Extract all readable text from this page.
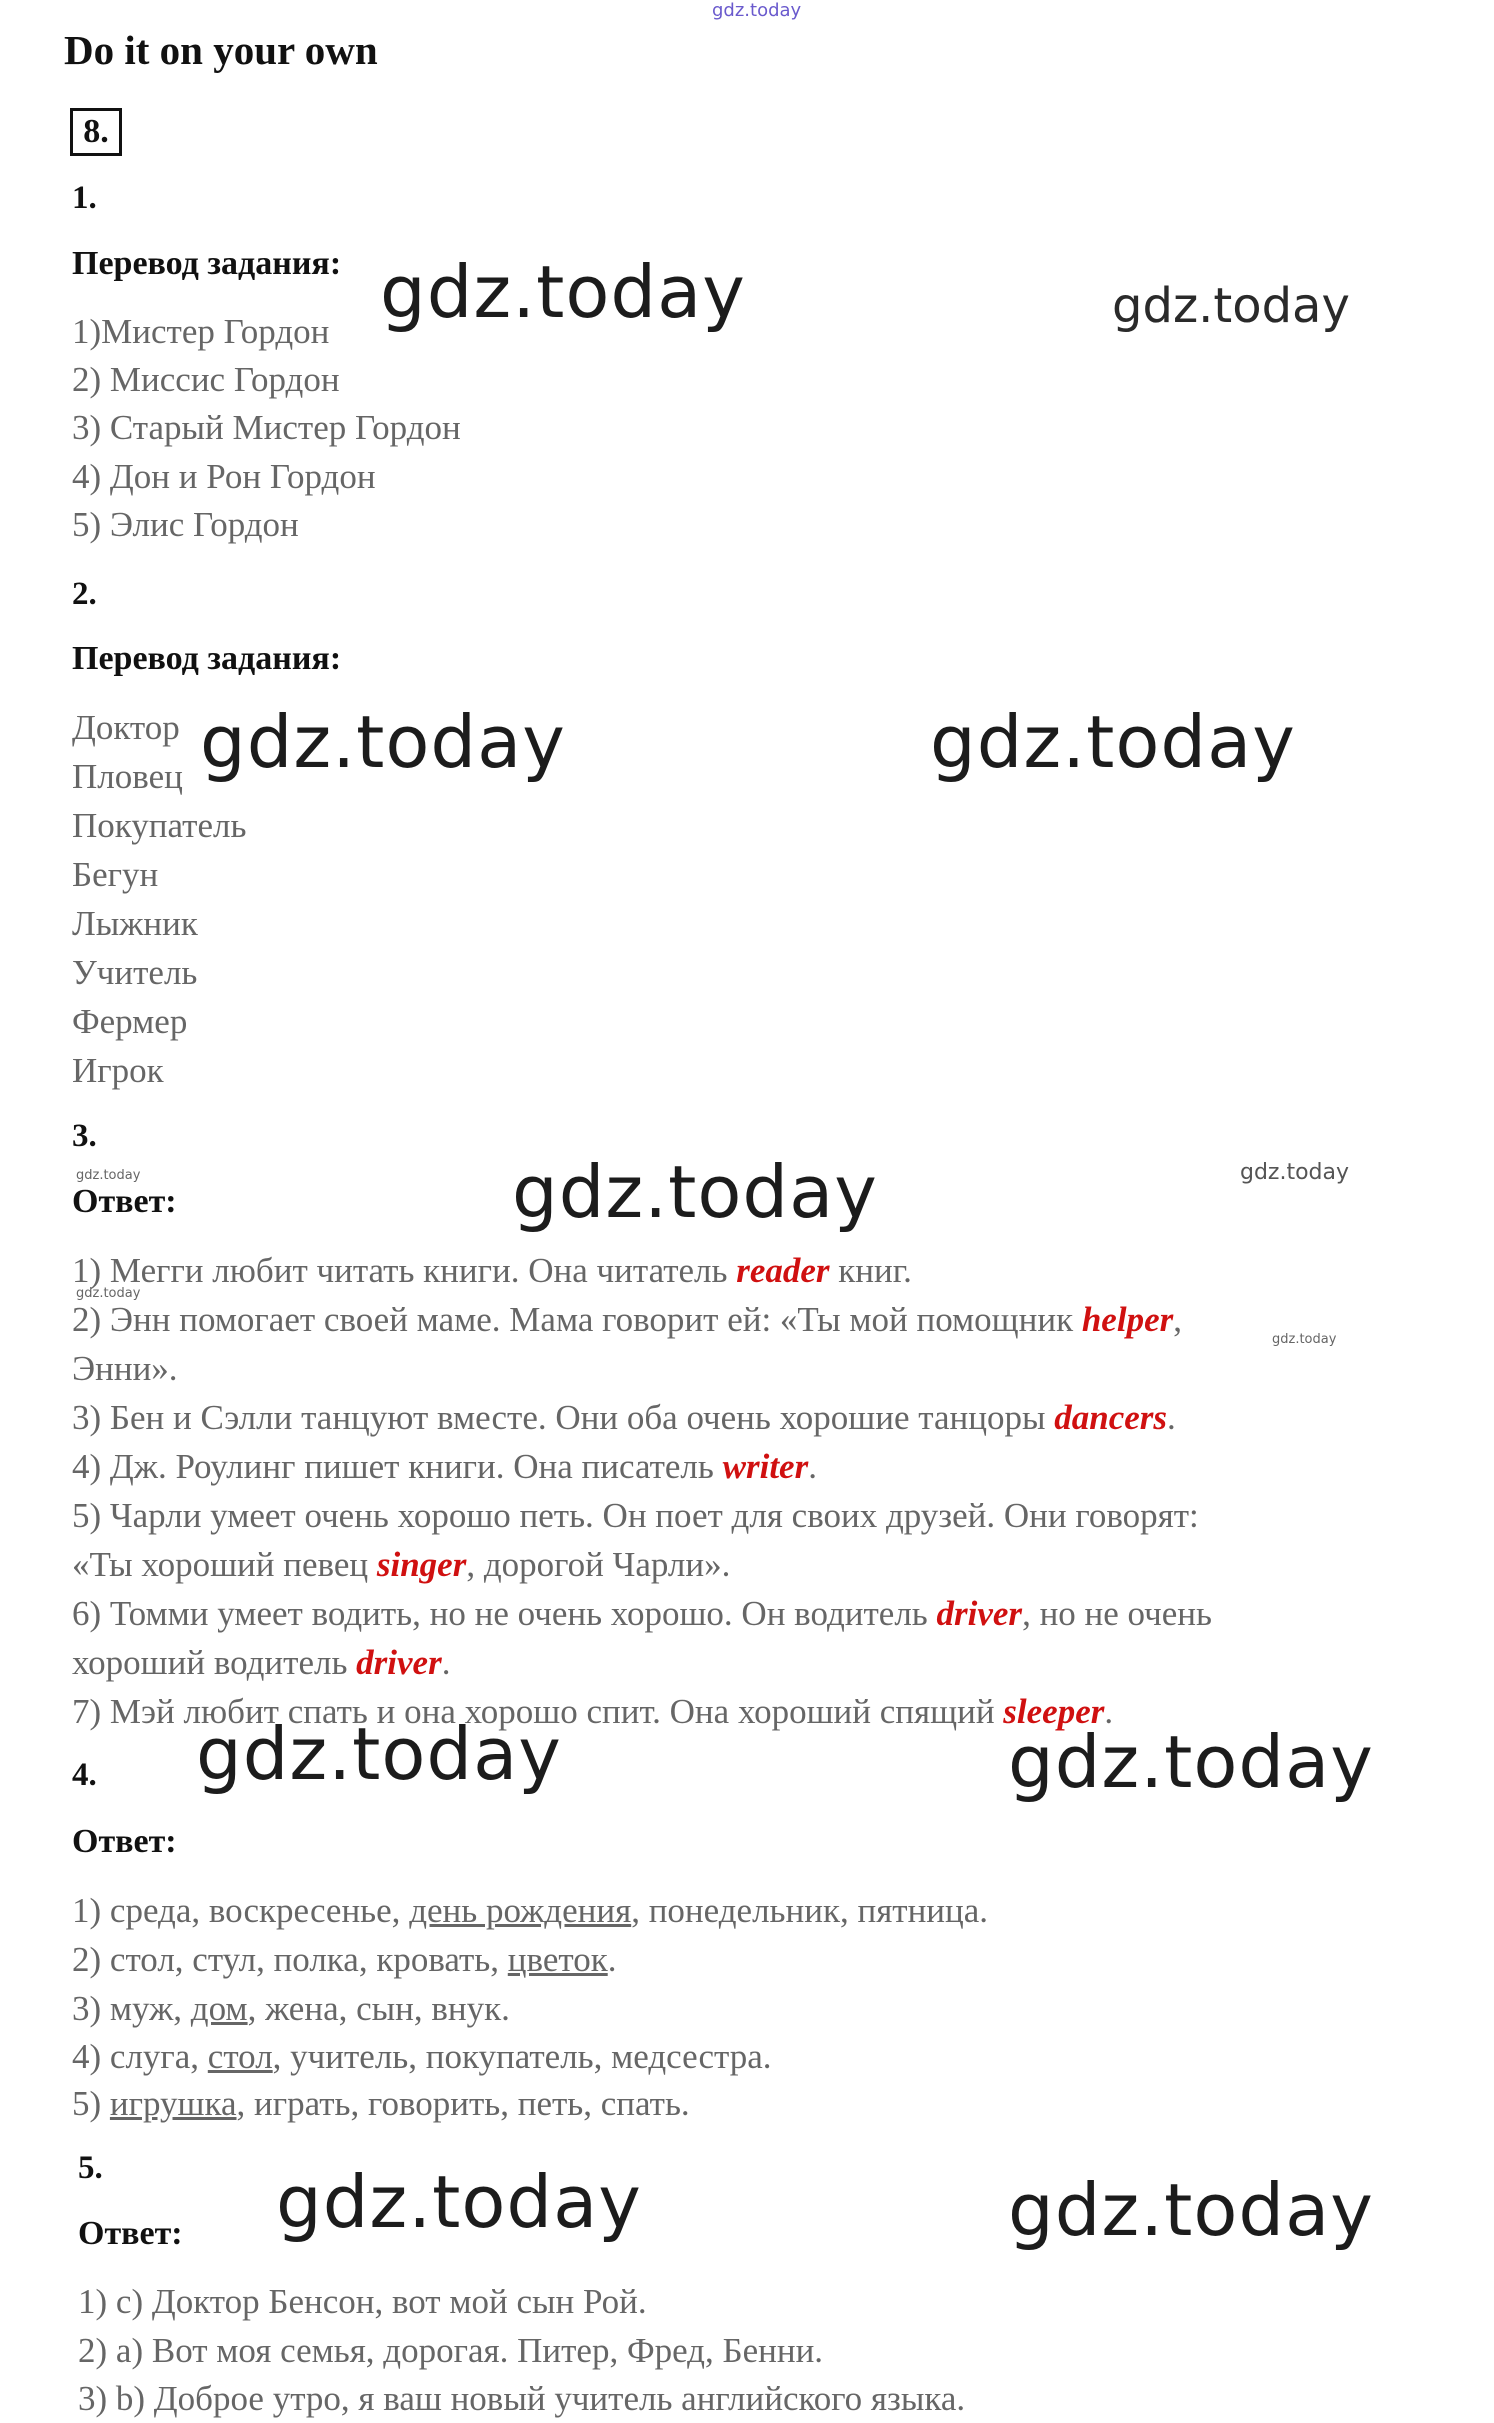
gdz.today
Do it on your own
8.
1.
Перевод задания:
1)Мистер Гордон
2) Миссис Гордон
3) Старый Мистер Гордон
4) Дон и Рон Гордон
5) Элис Гордон
2.
Перевод задания:
Доктор
Пловец
Покупатель
Бегун
Лыжник
Учитель
Фермер
Игрок
3.
Ответ:
1) Мегги любит читать книги. Она читатель reader книг.
2) Энн помогает своей маме. Мама говорит ей: «Ты мой помощник helper,
Энни».
3) Бен и Сэлли танцуют вместе. Они оба очень хорошие танцоры dancers.
4) Дж. Роулинг пишет книги. Она писатель writer.
5) Чарли умеет очень хорошо петь. Он поет для своих друзей. Они говорят:
«Ты хороший певец singer, дорогой Чарли».
6) Томми умеет водить, но не очень хорошо. Он водитель driver, но не очень
хороший водитель driver.
7) Мэй любит спать и она хорошо спит. Она хороший спящий sleeper.
4.
Ответ:
1) среда, воскресенье, день рождения, понедельник, пятница.
2) стол, стул, полка, кровать, цветок.
3) муж, дом, жена, сын, внук.
4) слуга, стол, учитель, покупатель, медсестра.
5) игрушка, играть, говорить, петь, спать.
5.
Ответ:
1) c) Доктор Бенсон, вот мой сын Рой.
2) a) Вот моя семья, дорогая. Питер, Фред, Бенни.
3) b) Доброе утро, я ваш новый учитель английского языка.
gdz.today	gdz.today
gdz.today	gdz.today
gdz.today	gdz.today
gdz.today
gdz.today
gdz.today
gdz.today	gdz.today
gdz.today	gdz.today
